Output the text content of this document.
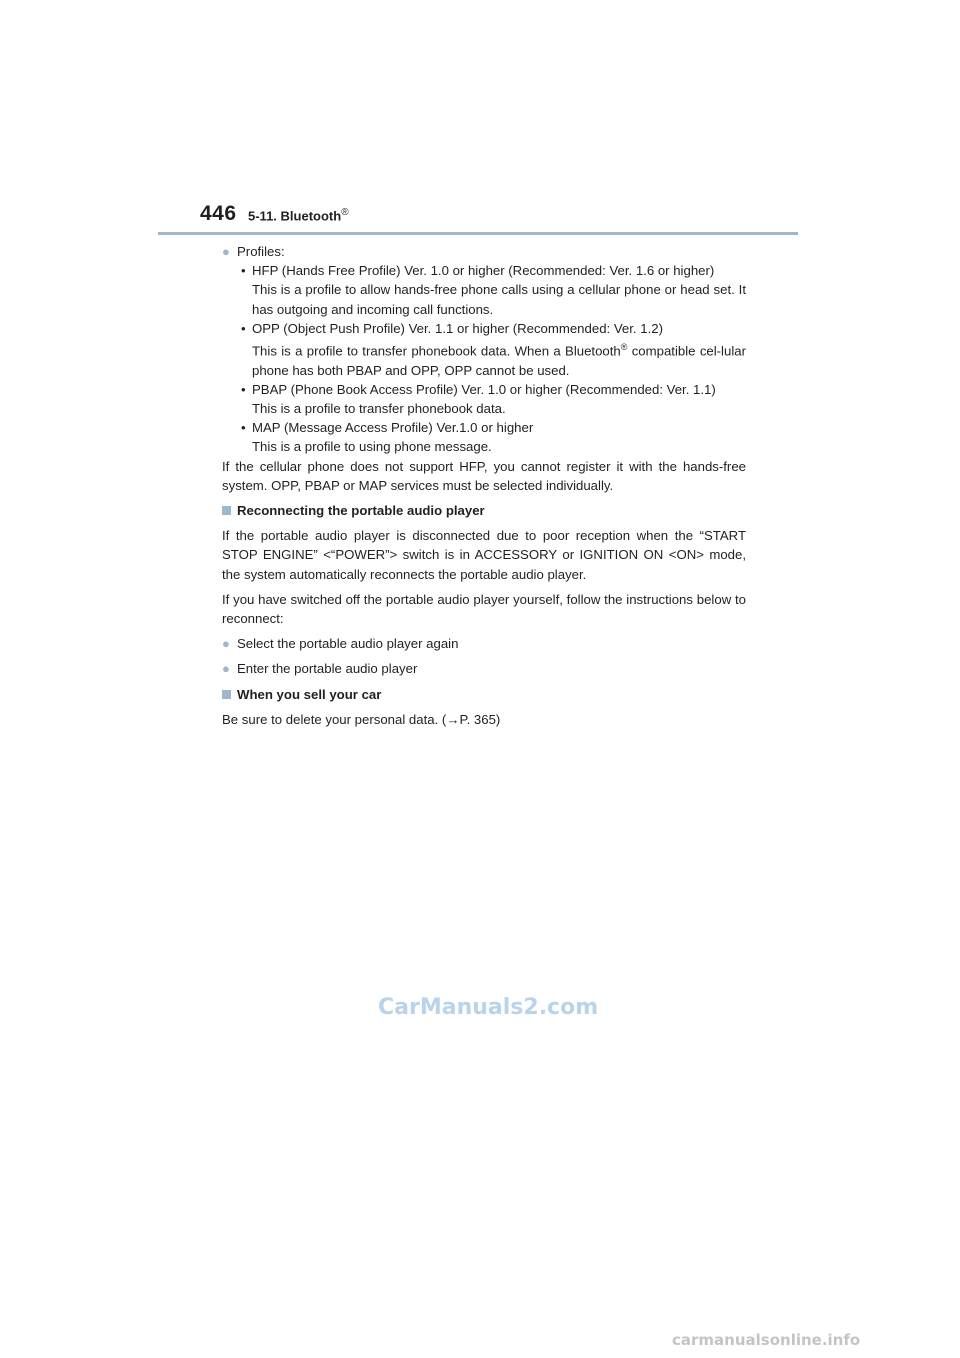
446 5-11. Bluetooth®
● Profiles:
• HFP (Hands Free Profile) Ver. 1.0 or higher (Recommended: Ver. 1.6 or higher)
This is a profile to allow hands-free phone calls using a cellular phone or head set. It has outgoing and incoming call functions.
• OPP (Object Push Profile) Ver. 1.1 or higher (Recommended: Ver. 1.2)
This is a profile to transfer phonebook data. When a Bluetooth® compatible cel-lular phone has both PBAP and OPP, OPP cannot be used.
• PBAP (Phone Book Access Profile) Ver. 1.0 or higher (Recommended: Ver. 1.1)
This is a profile to transfer phonebook data.
• MAP (Message Access Profile) Ver.1.0 or higher
This is a profile to using phone message.
If the cellular phone does not support HFP, you cannot register it with the hands-free system. OPP, PBAP or MAP services must be selected individually.
Reconnecting the portable audio player
If the portable audio player is disconnected due to poor reception when the “START STOP ENGINE” <“POWER”> switch is in ACCESSORY or IGNITION ON <ON> mode, the system automatically reconnects the portable audio player.
If you have switched off the portable audio player yourself, follow the instructions below to reconnect:
● Select the portable audio player again
● Enter the portable audio player
When you sell your car
Be sure to delete your personal data. (→P. 365)
CarManuals2.com
carmanualsonline.info
